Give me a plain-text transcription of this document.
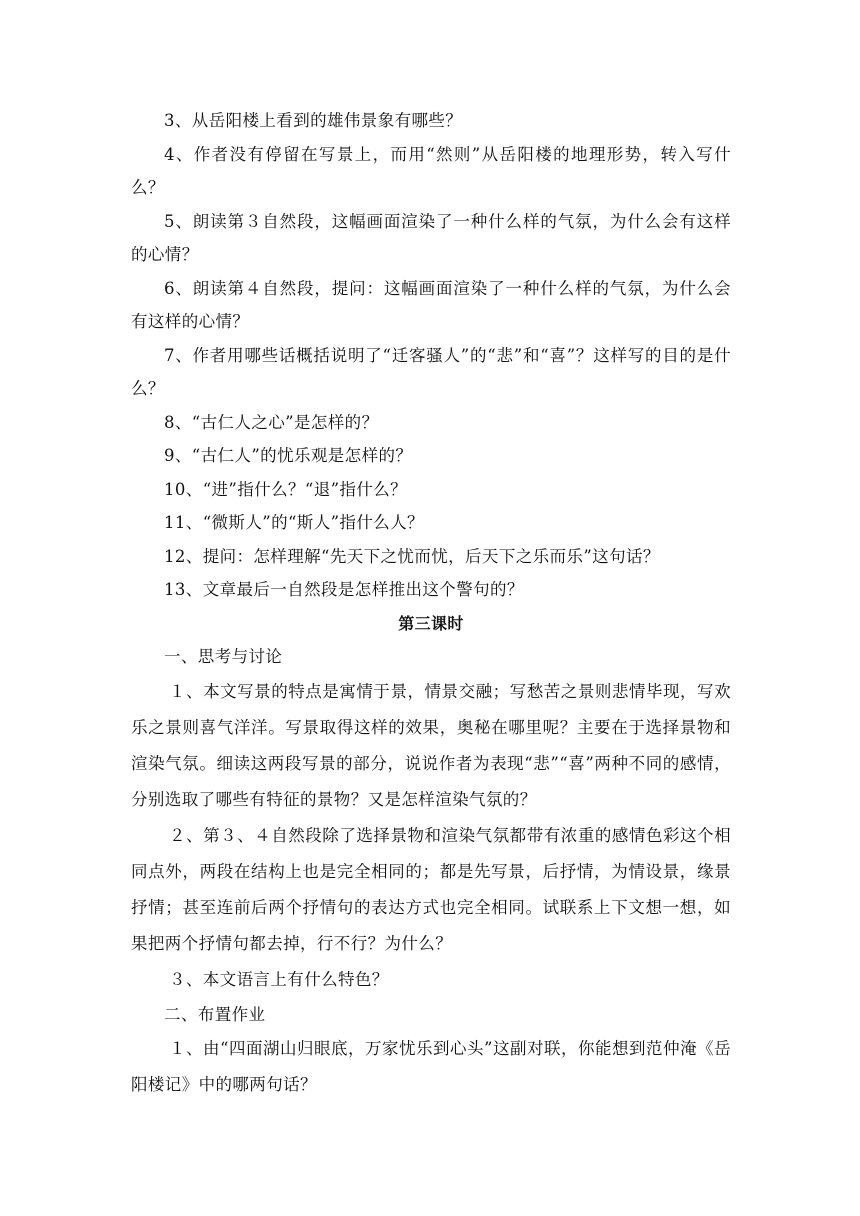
3、从岳阳楼上看到的雄伟景象有哪些？

4、作者没有停留在写景上，而用“然则”从岳阳楼的地理形势，转入写什么？

5、朗读第３自然段，这幅画面渲染了一种什么样的气氛，为什么会有这样的心情？

6、朗读第４自然段，提问：这幅画面渲染了一种什么样的气氛，为什么会有这样的心情？

7、作者用哪些话概括说明了“迁客骚人”的“悲”和“喜”？这样写的目的是什么？

8、“古仁人之心”是怎样的？

9、“古仁人”的忧乐观是怎样的？

10、“进”指什么？“退”指什么？

11、“微斯人”的“斯人”指什么人？

12、提问：怎样理解“先天下之忧而忧，后天下之乐而乐”这句话？

13、文章最后一自然段是怎样推出这个警句的？

第三课时

一、思考与讨论

１、本文写景的特点是寓情于景，情景交融；写愁苦之景则悲情毕现，写欢乐之景则喜气洋洋。写景取得这样的效果，奥秘在哪里呢？主要在于选择景物和渲染气氛。细读这两段写景的部分，说说作者为表现“悲”“喜”两种不同的感情，分别选取了哪些有特征的景物？又是怎样渲染气氛的？

２、第３、４自然段除了选择景物和渲染气氛都带有浓重的感情色彩这个相同点外，两段在结构上也是完全相同的；都是先写景，后抒情，为情设景，缘景抒情；甚至连前后两个抒情句的表达方式也完全相同。试联系上下文想一想，如果把两个抒情句都去掉，行不行？为什么？

３、本文语言上有什么特色？

二、布置作业

１、由“四面湖山归眼底，万家忧乐到心头”这副对联，你能想到范仲淹《岳阳楼记》中的哪两句话？
